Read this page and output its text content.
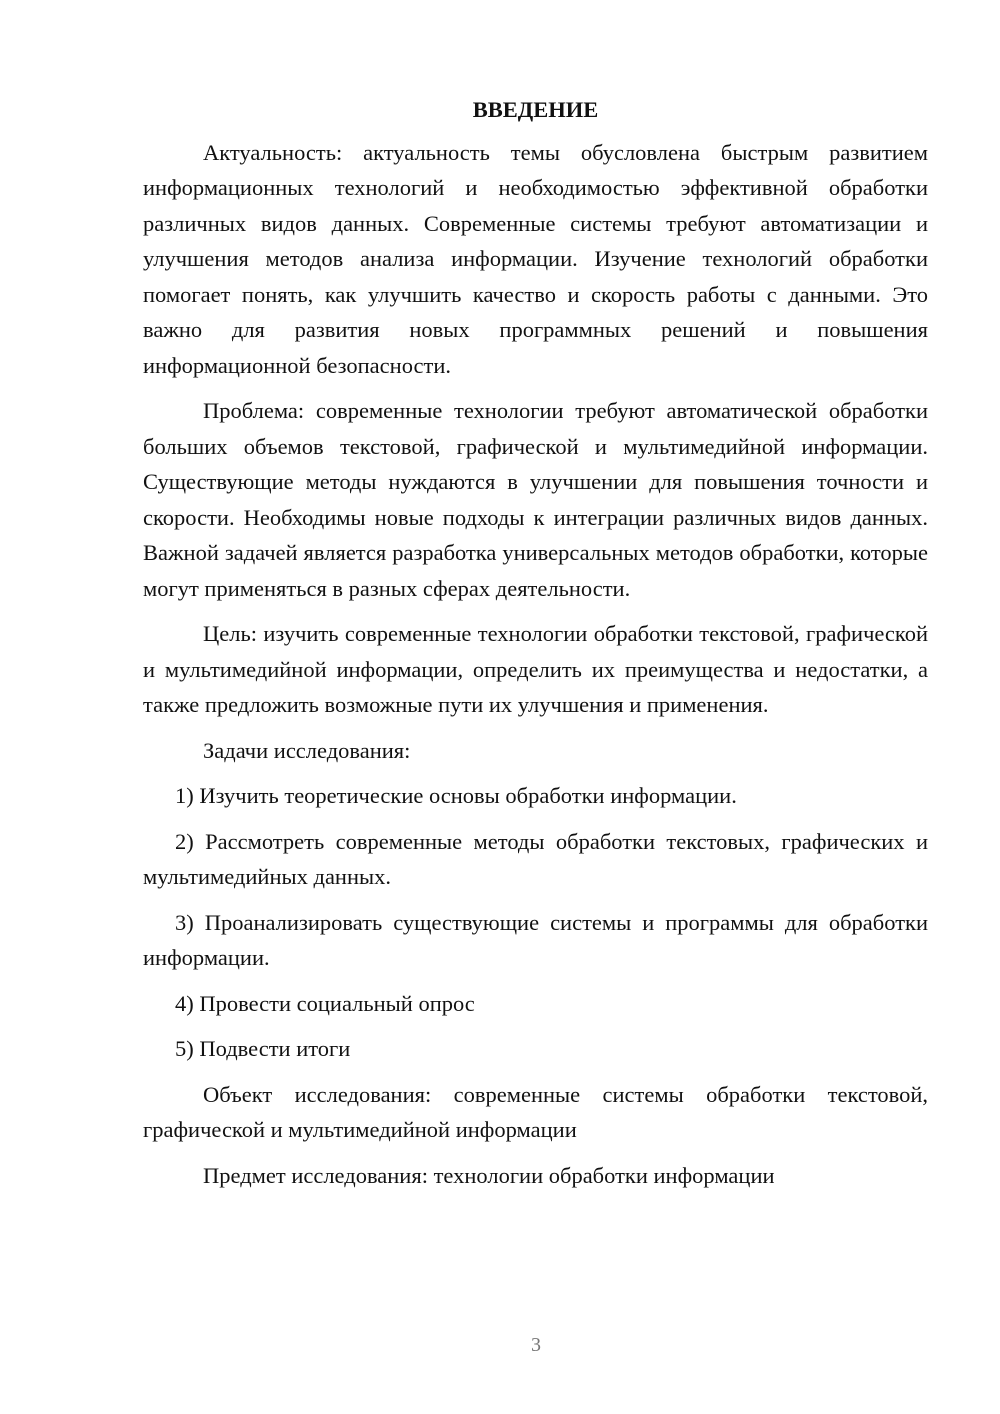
ВВЕДЕНИЕ

Актуальность: актуальность темы обусловлена быстрым развитием информационных технологий и необходимостью эффективной обработки различных видов данных. Современные системы требуют автоматизации и улучшения методов анализа информации. Изучение технологий обработки помогает понять, как улучшить качество и скорость работы с данными. Это важно для развития новых программных решений и повышения информационной безопасности.

Проблема: современные технологии требуют автоматической обработки больших объемов текстовой, графической и мультимедийной информации. Существующие методы нуждаются в улучшении для повышения точности и скорости. Необходимы новые подходы к интеграции различных видов данных. Важной задачей является разработка универсальных методов обработки, которые могут применяться в разных сферах деятельности.

Цель: изучить современные технологии обработки текстовой, графической и мультимедийной информации, определить их преимущества и недостатки, а также предложить возможные пути их улучшения и применения.

Задачи исследования:

1) Изучить теоретические основы обработки информации.

2) Рассмотреть современные методы обработки текстовых, графических и мультимедийных данных.

3) Проанализировать существующие системы и программы для обработки информации.

4) Провести социальный опрос

5) Подвести итоги

Объект исследования: современные системы обработки текстовой, графической и мультимедийной информации

Предмет исследования: технологии обработки информации

3
